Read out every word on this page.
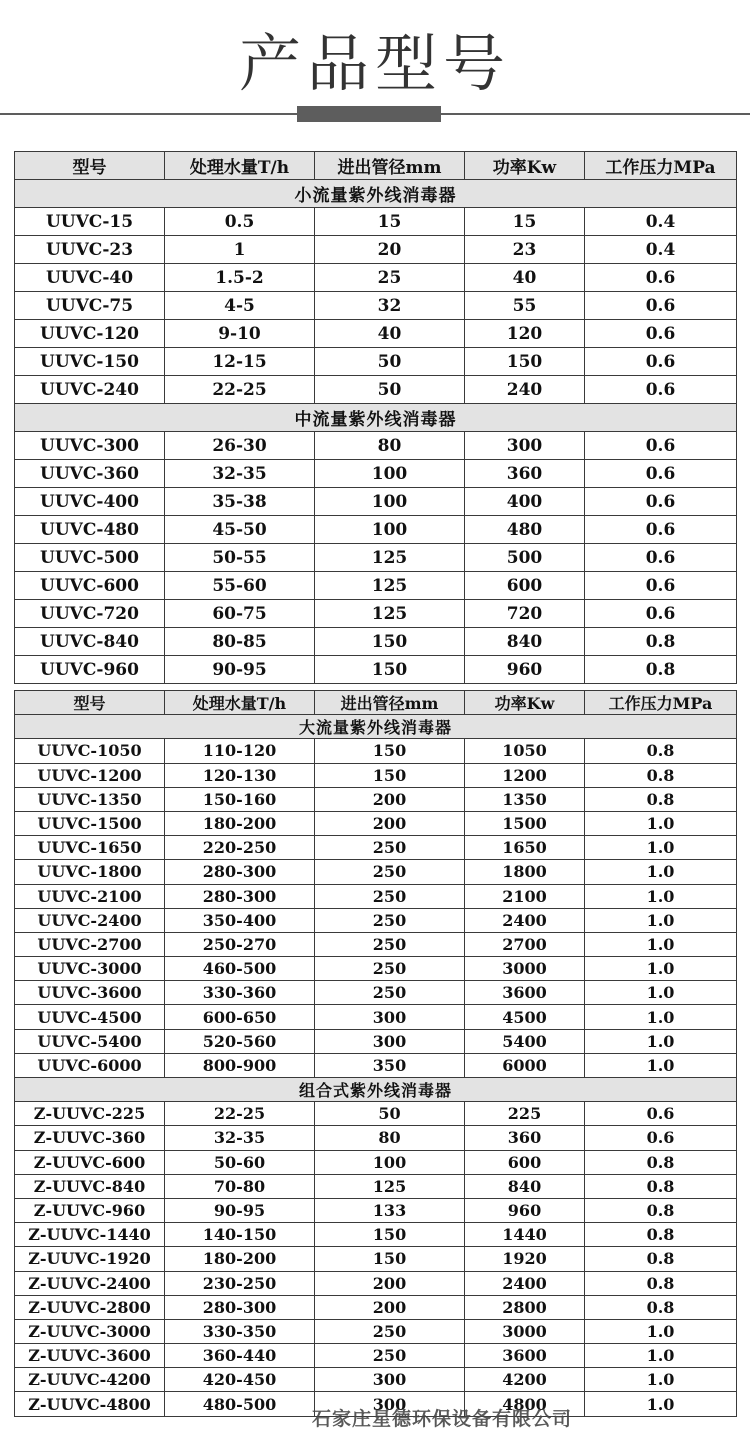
产品型号
型号	处理水量T/h	进出管径mm	功率Kw	工作压力MPa
小流量紫外线消毒器				
UUVC-15	0.5	15	15	0.4
UUVC-23	1	20	23	0.4
UUVC-40	1.5-2	25	40	0.6
UUVC-75	4-5	32	55	0.6
UUVC-120	9-10	40	120	0.6
UUVC-150	12-15	50	150	0.6
UUVC-240	22-25	50	240	0.6
中流量紫外线消毒器				
UUVC-300	26-30	80	300	0.6
UUVC-360	32-35	100	360	0.6
UUVC-400	35-38	100	400	0.6
UUVC-480	45-50	100	480	0.6
UUVC-500	50-55	125	500	0.6
UUVC-600	55-60	125	600	0.6
UUVC-720	60-75	125	720	0.6
UUVC-840	80-85	150	840	0.8
UUVC-960	90-95	150	960	0.8
型号	处理水量T/h	进出管径mm	功率Kw	工作压力MPa
大流量紫外线消毒器				
UUVC-1050	110-120	150	1050	0.8
UUVC-1200	120-130	150	1200	0.8
UUVC-1350	150-160	200	1350	0.8
UUVC-1500	180-200	200	1500	1.0
UUVC-1650	220-250	250	1650	1.0
UUVC-1800	280-300	250	1800	1.0
UUVC-2100	280-300	250	2100	1.0
UUVC-2400	350-400	250	2400	1.0
UUVC-2700	250-270	250	2700	1.0
UUVC-3000	460-500	250	3000	1.0
UUVC-3600	330-360	250	3600	1.0
UUVC-4500	600-650	300	4500	1.0
UUVC-5400	520-560	300	5400	1.0
UUVC-6000	800-900	350	6000	1.0
组合式紫外线消毒器				
Z-UUVC-225	22-25	50	225	0.6
Z-UUVC-360	32-35	80	360	0.6
Z-UUVC-600	50-60	100	600	0.8
Z-UUVC-840	70-80	125	840	0.8
Z-UUVC-960	90-95	133	960	0.8
Z-UUVC-1440	140-150	150	1440	0.8
Z-UUVC-1920	180-200	150	1920	0.8
Z-UUVC-2400	230-250	200	2400	0.8
Z-UUVC-2800	280-300	200	2800	0.8
Z-UUVC-3000	330-350	250	3000	1.0
Z-UUVC-3600	360-440	250	3600	1.0
Z-UUVC-4200	420-450	300	4200	1.0
Z-UUVC-4800	480-500	300	4800	1.0
石家庄星德环保设备有限公司
